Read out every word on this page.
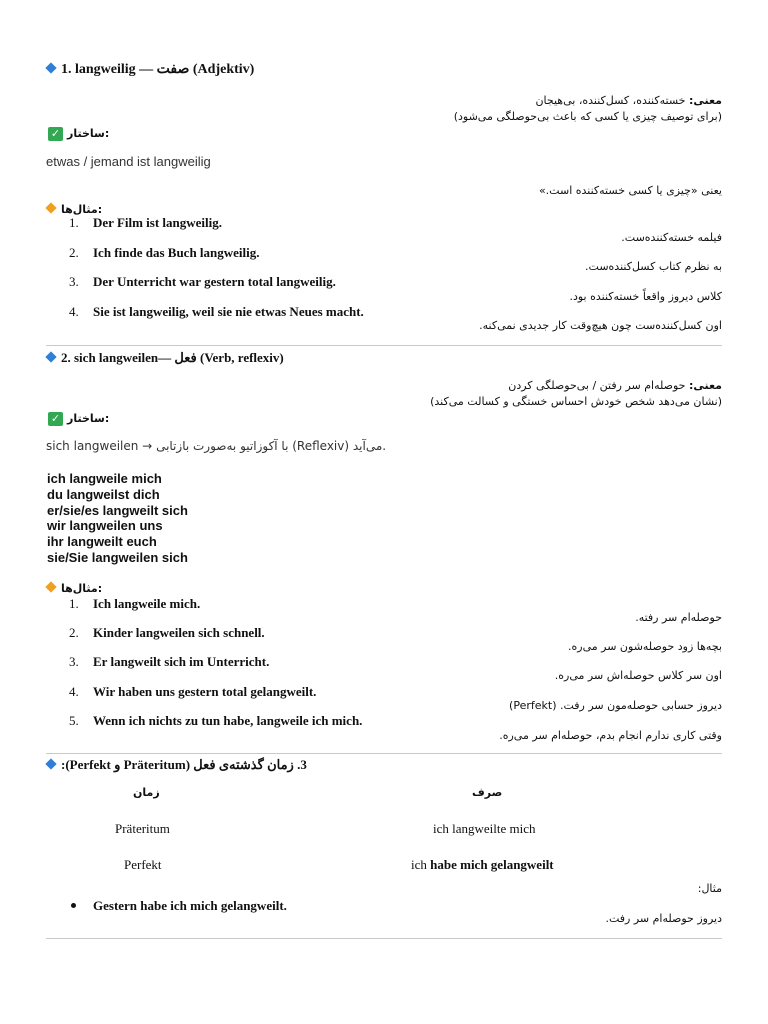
1. langweilig — صفت (Adjektiv)
معنی: خسته‌کننده، کسل‌کننده، بی‌هیجان
(برای توصیف چیزی یا کسی که باعث بی‌حوصلگی می‌شود)
✓ ساختار:
etwas / jemand ist langweilig
یعنی «چیزی یا کسی خسته‌کننده است.»
مثال‌ها:
1. Der Film ist langweilig.
فیلمه خسته‌کننده‌ست.
2. Ich finde das Buch langweilig.
به نظرم کتاب کسل‌کننده‌ست.
3. Der Unterricht war gestern total langweilig.
کلاس دیروز واقعاً خسته‌کننده بود.
4. Sie ist langweilig, weil sie nie etwas Neues macht.
اون کسل‌کننده‌ست چون هیچ‌وقت کار جدیدی نمی‌کنه.
2. sich langweilen— فعل (Verb, reflexiv)
معنی: حوصله‌ام سر رفتن / بی‌حوصلگی کردن
(نشان می‌دهد شخص خودش احساس خستگی و کسالت می‌کند)
✓ ساختار:
sich langweilen → با آکوزاتیو به‌صورت بازتابی (Reflexiv) می‌آید.
ich langweile mich
du langweilst dich
er/sie/es langweilt sich
wir langweilen uns
ihr langweilt euch
sie/Sie langweilen sich
مثال‌ها:
1. Ich langweile mich.
حوصله‌ام سر رفته.
2. Kinder langweilen sich schnell.
بچه‌ها زود حوصله‌شون سر می‌ره.
3. Er langweilt sich im Unterricht.
اون سر کلاس حوصله‌اش سر می‌ره.
4. Wir haben uns gestern total gelangweilt.
دیروز حسابی حوصله‌مون سر رفت. (Perfekt)
5. Wenn ich nichts zu tun habe, langweile ich mich.
وقتی کاری ندارم انجام بدم، حوصله‌ام سر می‌ره.
3. زمان گذشته‌ی فعل (Präteritum و Perfekt):
زمان	صرف
Präteritum	ich langweilte mich
Perfekt	ich habe mich gelangweilt
مثال:
Gestern habe ich mich gelangweilt.
دیروز حوصله‌ام سر رفت.
